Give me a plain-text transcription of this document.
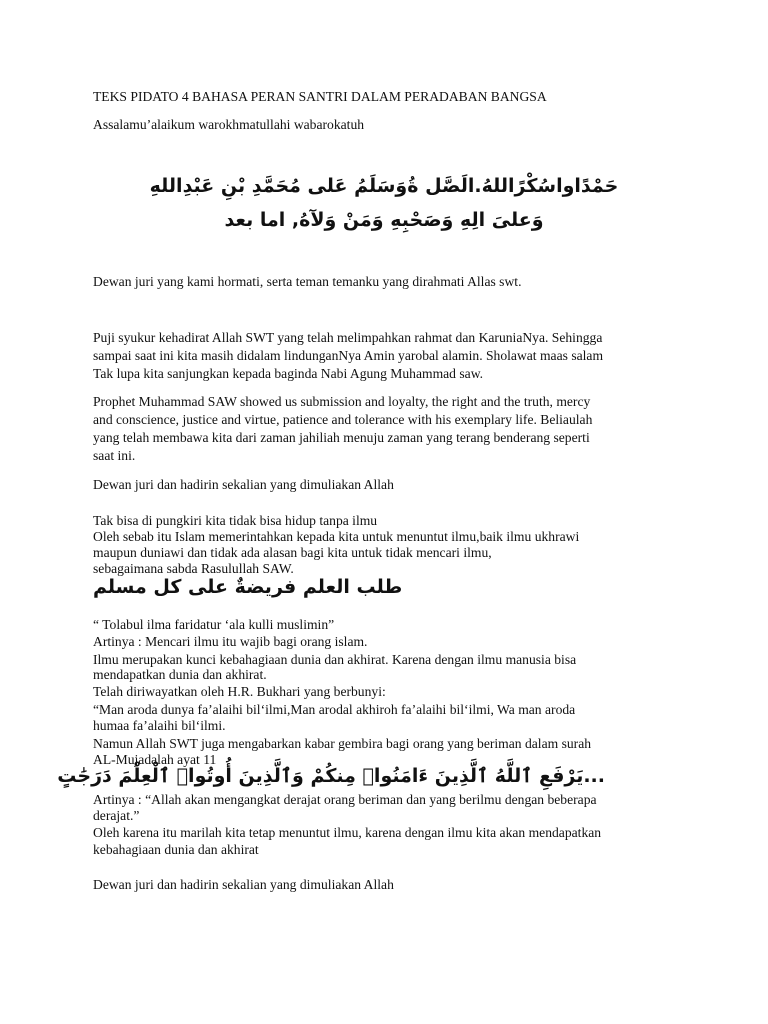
TEKS PIDATO 4 BAHASA PERAN SANTRI DALAM PERADABAN BANGSA
Assalamu’alaikum warokhmatullahi wabarokatuh
حَمْدًاواسُكْرًاللهُ.الَصَّل ةُوَسَلَمُ عَلى مُحَمَّدِ بْنِ عَبْدِاللهِ
وَعلىَ الِهِ وَصَحْبِهِ وَمَنْ وَلآهُ, اما بعد
Dewan juri yang kami hormati, serta teman temanku yang dirahmati Allas swt.
Puji syukur kehadirat Allah SWT yang telah melimpahkan rahmat dan KaruniaNya. Sehingga
sampai saat ini kita masih didalam lindunganNya Amin yarobal alamin. Sholawat maas salam
Tak lupa kita sanjungkan kepada baginda Nabi Agung Muhammad saw.
Prophet Muhammad SAW showed us submission and loyalty, the right and the truth, mercy
and conscience, justice and virtue, patience and tolerance with his exemplary life. Beliaulah
yang telah membawa kita dari zaman jahiliah menuju zaman yang terang benderang seperti
saat ini.
Dewan juri dan hadirin sekalian yang dimuliakan Allah
Tak bisa di pungkiri kita tidak bisa hidup tanpa ilmu
Oleh sebab itu Islam memerintahkan kepada kita untuk menuntut ilmu,baik ilmu ukhrawi
maupun duniawi dan tidak ada alasan bagi kita untuk tidak mencari ilmu,
sebagaimana sabda Rasulullah SAW.
طلب العلم فريضةٌ على كل مسلم
“ Tolabul ilma faridatur ‘ala kulli muslimin”
Artinya : Mencari ilmu itu wajib bagi orang islam.
Ilmu merupakan kunci kebahagiaan dunia dan akhirat. Karena dengan ilmu manusia bisa
mendapatkan dunia dan akhirat.
Telah diriwayatkan oleh H.R. Bukhari yang berbunyi:
“Man aroda dunya fa’alaihi bil‘ilmi,Man arodal akhiroh fa’alaihi bil‘ilmi, Wa man aroda
humaa fa’alaihi bil‘ilmi.
Namun Allah SWT juga mengabarkan kabar gembira bagi orang yang beriman dalam surah
AL-Mujadalah ayat 11
...يَرْفَعِ ٱللَّهُ ٱلَّذِينَ ءَامَنُوا۟ مِنكُمْ وَٱلَّذِينَ أُوتُوا۟ ٱلْعِلْمَ دَرَجَٰتٍ
Artinya : “Allah akan mengangkat derajat orang beriman dan yang berilmu dengan beberapa
derajat.”
Oleh karena itu marilah kita tetap menuntut ilmu, karena dengan ilmu kita akan mendapatkan
kebahagiaan dunia dan akhirat
Dewan juri dan hadirin sekalian yang dimuliakan Allah
